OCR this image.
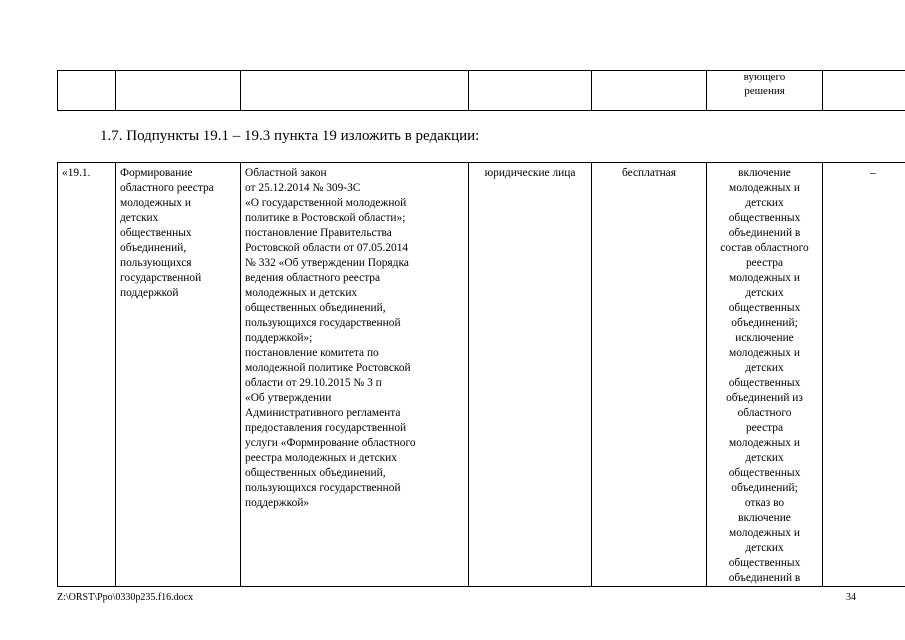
					вующего
решения	

1.7. Подпункты 19.1 – 19.3 пункта 19 изложить в редакции:

«19.1.	Формирование
областного реестра
молодежных и
детских
общественных
объединений,
пользующихся
государственной
поддержкой	Областной закон
от 25.12.2014 № 309-ЗС
«О государственной молодежной
политике в Ростовской области»;
постановление Правительства
Ростовской области от 07.05.2014
№ 332 «Об утверждении Порядка
ведения областного реестра
молодежных и детских
общественных объединений,
пользующихся государственной
поддержкой»;
постановление комитета по
молодежной политике Ростовской
области от 29.10.2015 № 3 п
«Об утверждении
Административного регламента
предоставления государственной
услуги «Формирование областного
реестра молодежных и детских
общественных объединений,
пользующихся государственной
поддержкой»	юридические лица	бесплатная	включение
молодежных и
детских
общественных
объединений в
состав областного
реестра
молодежных и
детских
общественных
объединений;
исключение
молодежных и
детских
общественных
объединений из
областного
реестра
молодежных и
детских
общественных
объединений;
отказ во
включение
молодежных и
детских
общественных
объединений в	–
Z:\ORST\Ppo\0330p235.f16.docx	34
